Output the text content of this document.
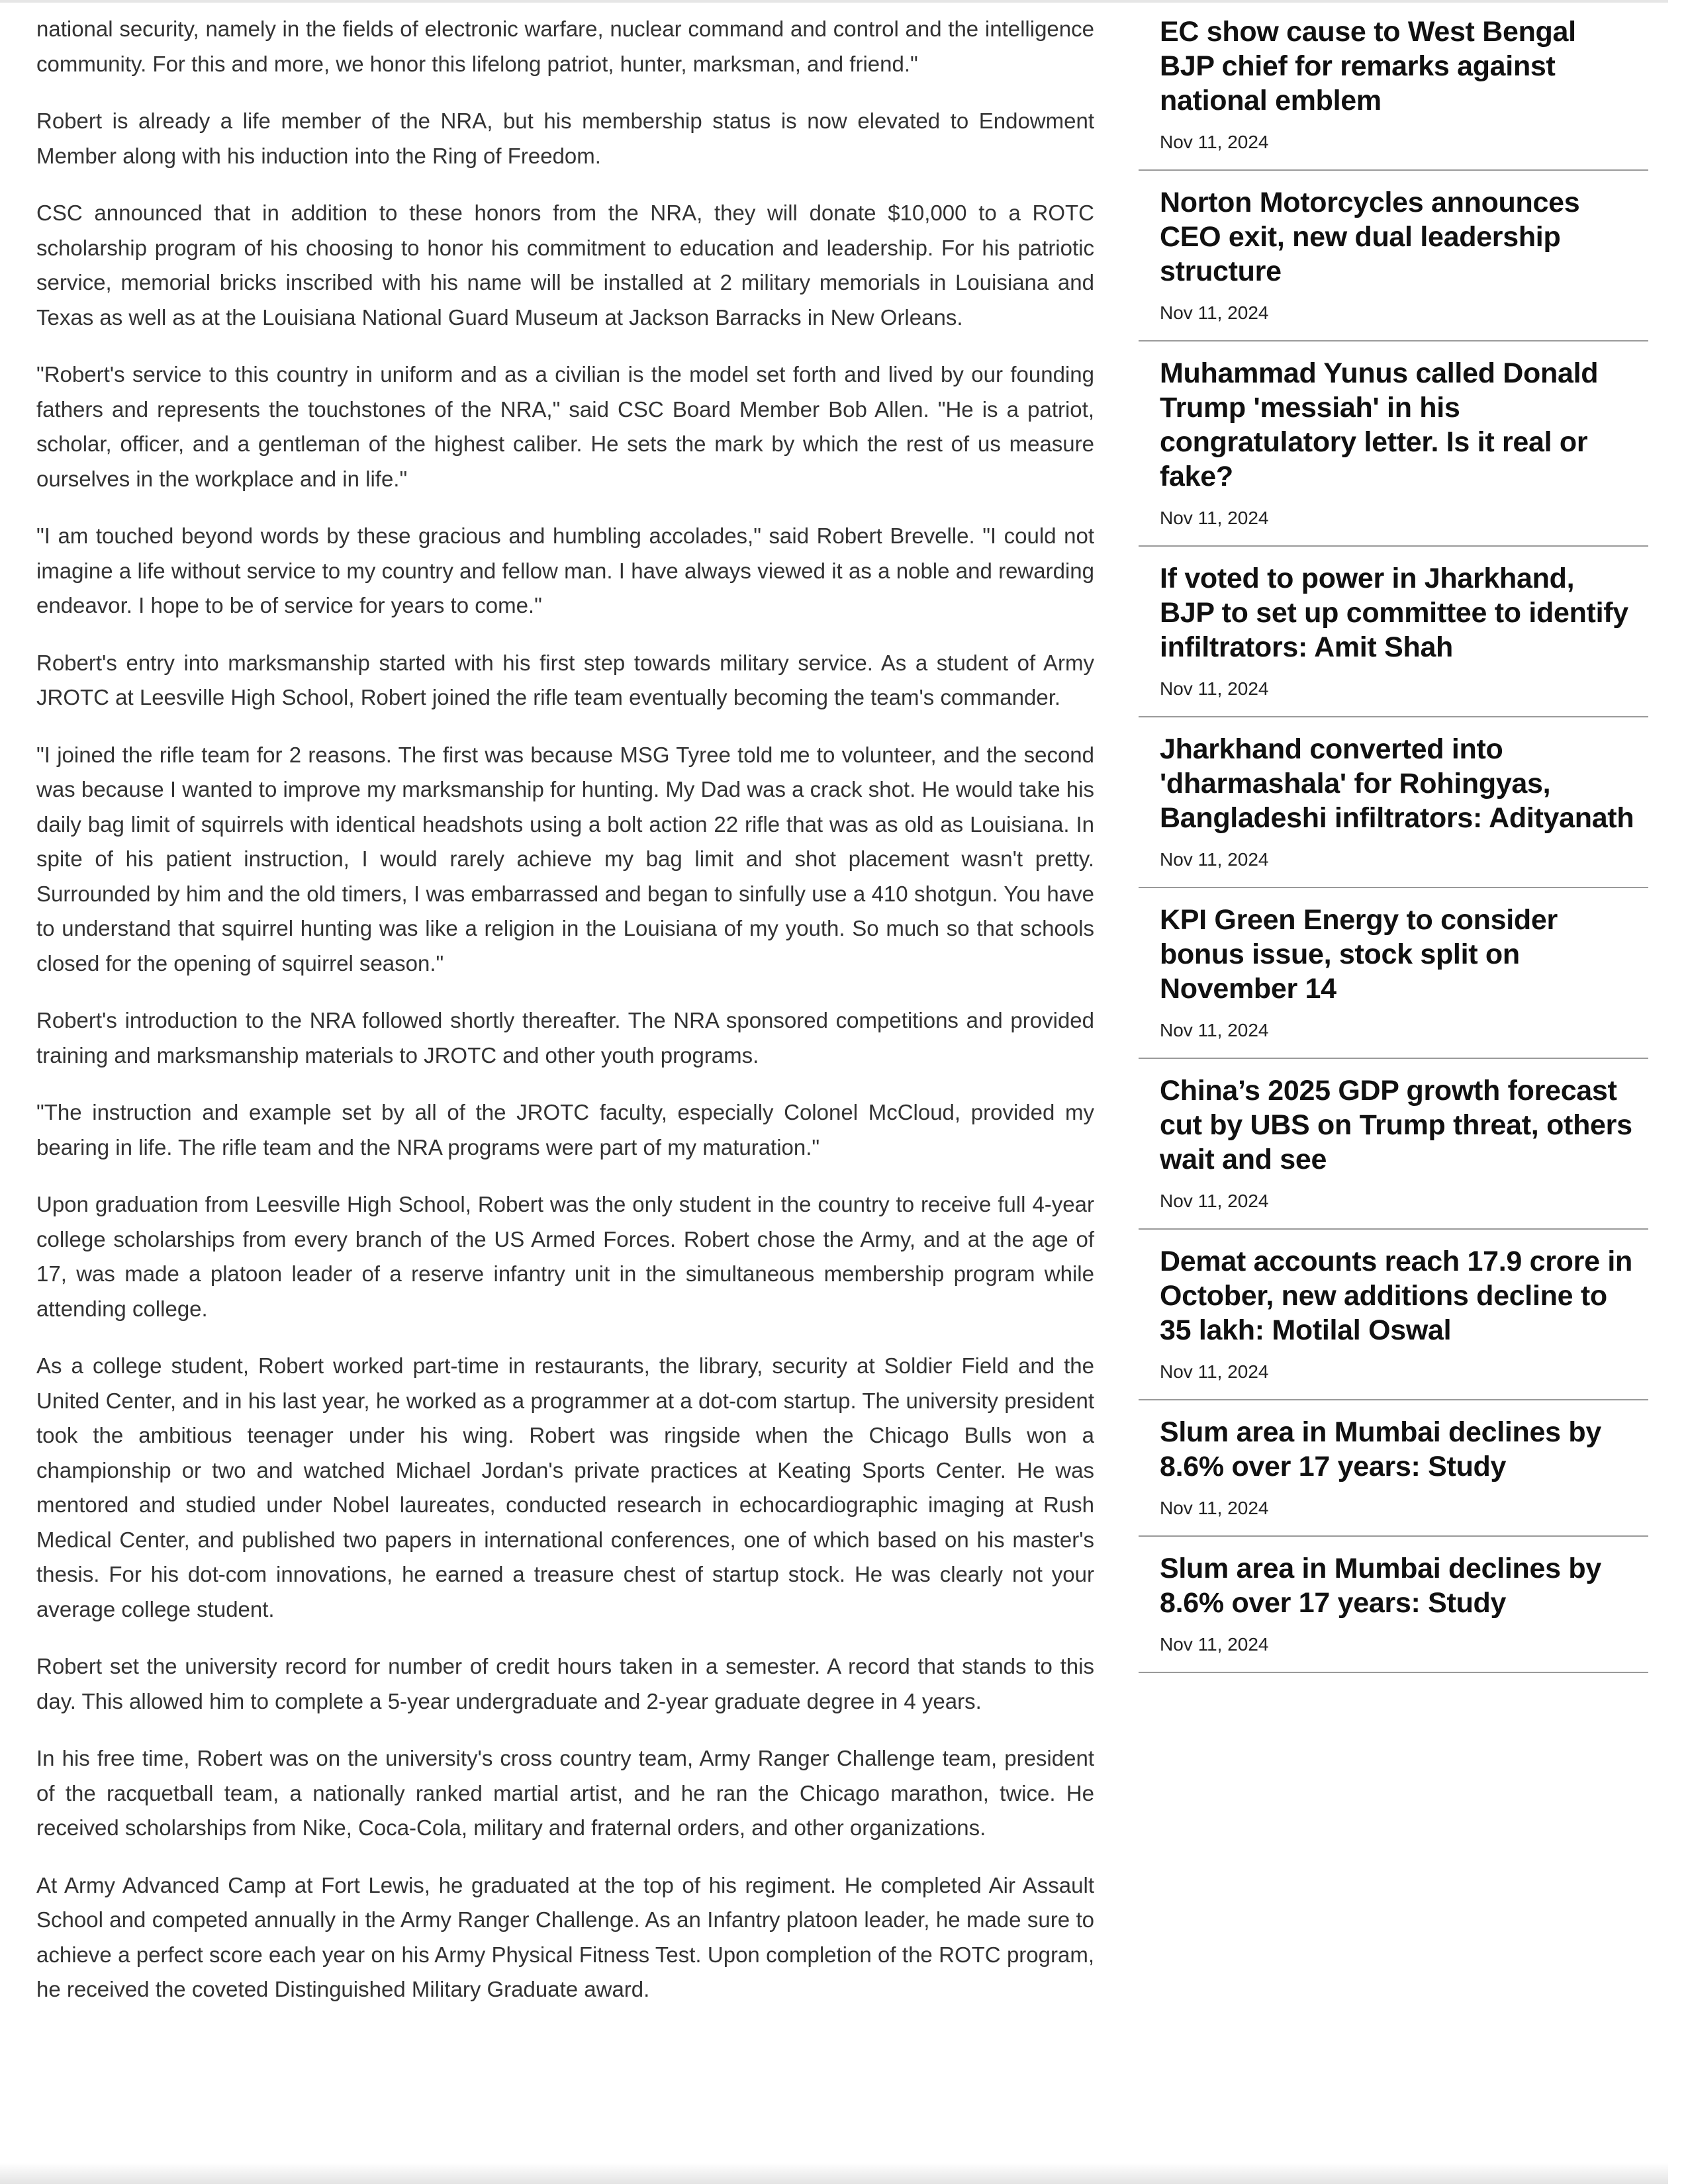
national security, namely in the fields of electronic warfare, nuclear command and control and the intelligence community. For this and more, we honor this lifelong patriot, hunter, marksman, and friend."

Robert is already a life member of the NRA, but his membership status is now elevated to Endowment Member along with his induction into the Ring of Freedom.

CSC announced that in addition to these honors from the NRA, they will donate $10,000 to a ROTC scholarship program of his choosing to honor his commitment to education and leadership. For his patriotic service, memorial bricks inscribed with his name will be installed at 2 military memorials in Louisiana and Texas as well as at the Louisiana National Guard Museum at Jackson Barracks in New Orleans.

"Robert's service to this country in uniform and as a civilian is the model set forth and lived by our founding fathers and represents the touchstones of the NRA," said CSC Board Member Bob Allen. "He is a patriot, scholar, officer, and a gentleman of the highest caliber. He sets the mark by which the rest of us measure ourselves in the workplace and in life."

"I am touched beyond words by these gracious and humbling accolades," said Robert Brevelle. "I could not imagine a life without service to my country and fellow man. I have always viewed it as a noble and rewarding endeavor. I hope to be of service for years to come."

Robert's entry into marksmanship started with his first step towards military service. As a student of Army JROTC at Leesville High School, Robert joined the rifle team eventually becoming the team's commander.

"I joined the rifle team for 2 reasons. The first was because MSG Tyree told me to volunteer, and the second was because I wanted to improve my marksmanship for hunting. My Dad was a crack shot. He would take his daily bag limit of squirrels with identical headshots using a bolt action 22 rifle that was as old as Louisiana. In spite of his patient instruction, I would rarely achieve my bag limit and shot placement wasn't pretty. Surrounded by him and the old timers, I was embarrassed and began to sinfully use a 410 shotgun. You have to understand that squirrel hunting was like a religion in the Louisiana of my youth. So much so that schools closed for the opening of squirrel season."

Robert's introduction to the NRA followed shortly thereafter. The NRA sponsored competitions and provided training and marksmanship materials to JROTC and other youth programs.

"The instruction and example set by all of the JROTC faculty, especially Colonel McCloud, provided my bearing in life. The rifle team and the NRA programs were part of my maturation."

Upon graduation from Leesville High School, Robert was the only student in the country to receive full 4-year college scholarships from every branch of the US Armed Forces. Robert chose the Army, and at the age of 17, was made a platoon leader of a reserve infantry unit in the simultaneous membership program while attending college.

As a college student, Robert worked part-time in restaurants, the library, security at Soldier Field and the United Center, and in his last year, he worked as a programmer at a dot-com startup. The university president took the ambitious teenager under his wing. Robert was ringside when the Chicago Bulls won a championship or two and watched Michael Jordan's private practices at Keating Sports Center. He was mentored and studied under Nobel laureates, conducted research in echocardiographic imaging at Rush Medical Center, and published two papers in international conferences, one of which based on his master's thesis. For his dot-com innovations, he earned a treasure chest of startup stock. He was clearly not your average college student.

Robert set the university record for number of credit hours taken in a semester. A record that stands to this day. This allowed him to complete a 5-year undergraduate and 2-year graduate degree in 4 years.

In his free time, Robert was on the university's cross country team, Army Ranger Challenge team, president of the racquetball team, a nationally ranked martial artist, and he ran the Chicago marathon, twice. He received scholarships from Nike, Coca-Cola, military and fraternal orders, and other organizations.

At Army Advanced Camp at Fort Lewis, he graduated at the top of his regiment. He completed Air Assault School and competed annually in the Army Ranger Challenge. As an Infantry platoon leader, he made sure to achieve a perfect score each year on his Army Physical Fitness Test. Upon completion of the ROTC program, he received the coveted Distinguished Military Graduate award.

EC show cause to West Bengal BJP chief for remarks against national emblem
Nov 11, 2024
Norton Motorcycles announces CEO exit, new dual leadership structure
Nov 11, 2024
Muhammad Yunus called Donald Trump 'messiah' in his congratulatory letter. Is it real or fake?
Nov 11, 2024
If voted to power in Jharkhand, BJP to set up committee to identify infiltrators: Amit Shah
Nov 11, 2024
Jharkhand converted into 'dharmashala' for Rohingyas, Bangladeshi infiltrators: Adityanath
Nov 11, 2024
KPI Green Energy to consider bonus issue, stock split on November 14
Nov 11, 2024
China’s 2025 GDP growth forecast cut by UBS on Trump threat, others wait and see
Nov 11, 2024
Demat accounts reach 17.9 crore in October, new additions decline to 35 lakh: Motilal Oswal
Nov 11, 2024
Slum area in Mumbai declines by 8.6% over 17 years: Study
Nov 11, 2024
Slum area in Mumbai declines by 8.6% over 17 years: Study
Nov 11, 2024
